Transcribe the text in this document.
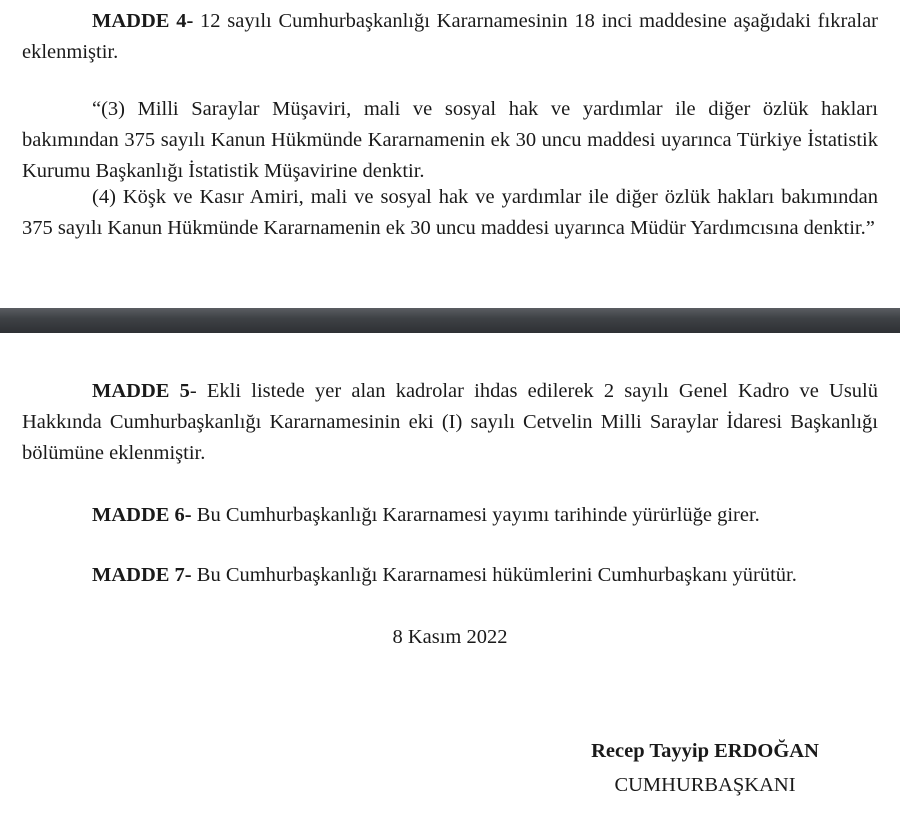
MADDE 4- 12 sayılı Cumhurbaşkanlığı Kararnamesinin 18 inci maddesine aşağıdaki fıkralar eklenmiştir.

“(3) Milli Saraylar Müşaviri, mali ve sosyal hak ve yardımlar ile diğer özlük hakları bakımından 375 sayılı Kanun Hükmünde Kararnamenin ek 30 uncu maddesi uyarınca Türkiye İstatistik Kurumu Başkanlığı İstatistik Müşavirine denktir.

(4) Köşk ve Kasır Amiri, mali ve sosyal hak ve yardımlar ile diğer özlük hakları bakımından 375 sayılı Kanun Hükmünde Kararnamenin ek 30 uncu maddesi uyarınca Müdür Yardımcısına denktir.”

MADDE 5- Ekli listede yer alan kadrolar ihdas edilerek 2 sayılı Genel Kadro ve Usulü Hakkında Cumhurbaşkanlığı Kararnamesinin eki (I) sayılı Cetvelin Milli Saraylar İdaresi Başkanlığı bölümüne eklenmiştir.

MADDE 6- Bu Cumhurbaşkanlığı Kararnamesi yayımı tarihinde yürürlüğe girer.

MADDE 7- Bu Cumhurbaşkanlığı Kararnamesi hükümlerini Cumhurbaşkanı yürütür.

8 Kasım 2022

Recep Tayyip ERDOĞAN

CUMHURBAŞKANI
